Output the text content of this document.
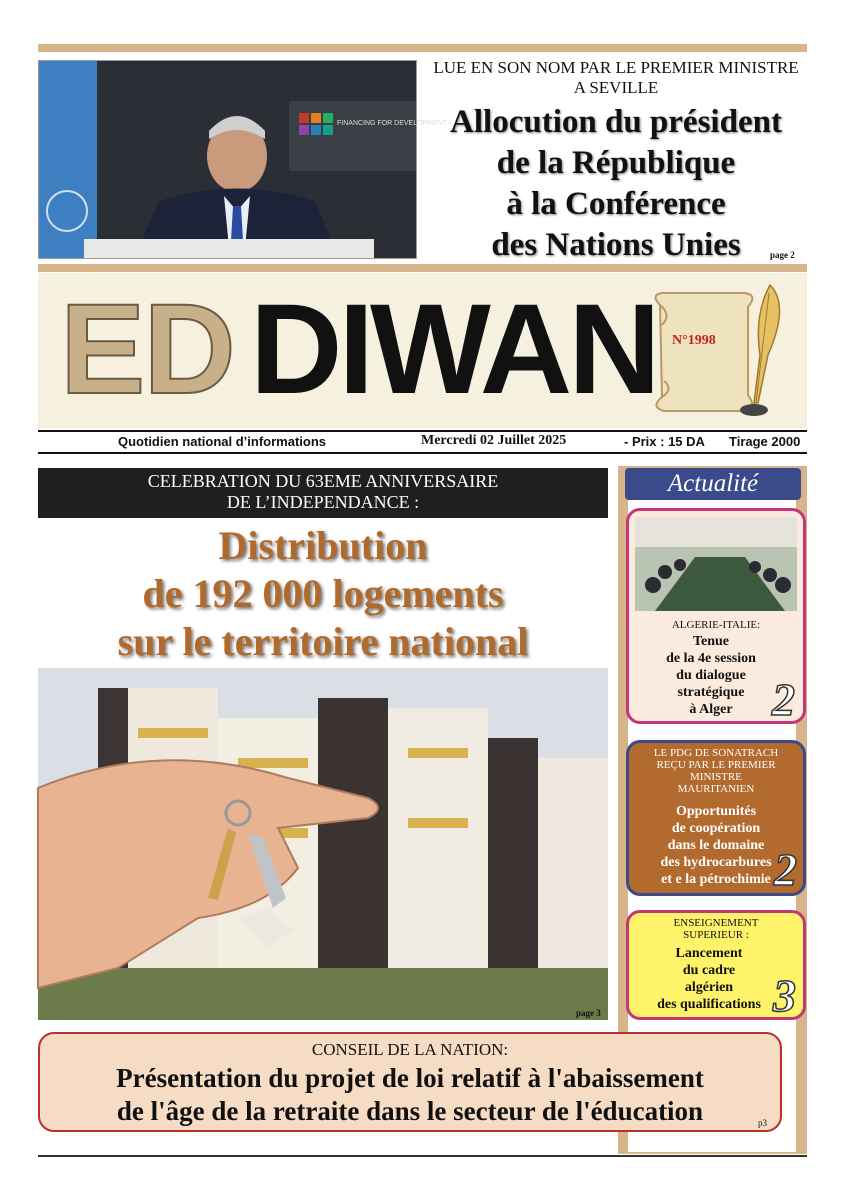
FINANCING FOR DEVELOPMENT
LUE EN SON NOM PAR LE PREMIER MINISTRE A SEVILLE
Allocution du président
de la République
à la Conférence
des Nations Unies	page 2
ED DIWAN N°1998
Quotidien national d’informations	Mercredi 02 Juillet 2025	- Prix : 15 DA Tirage 2000
CELEBRATION DU 63EME ANNIVERSAIRE
DE L’INDEPENDANCE :
Distribution
de 192 000 logements
sur le territoire national
page 3
Actualité
ALGERIE-ITALIE:
Tenue
de la 4e session
du dialogue
stratégique
à Alger 2
LE PDG DE SONATRACH
REÇU PAR LE PREMIER
MINISTRE
MAURITANIEN
Opportunités
de coopération
dans le domaine
des hydrocarbures
et e la pétrochimie 2
ENSEIGNEMENT
SUPERIEUR :
Lancement
du cadre
algérien
des qualifications 3
CONSEIL DE LA NATION:
Présentation du projet de loi relatif à l'abaissement
de l'âge de la retraite dans le secteur de l'éducation	p3
